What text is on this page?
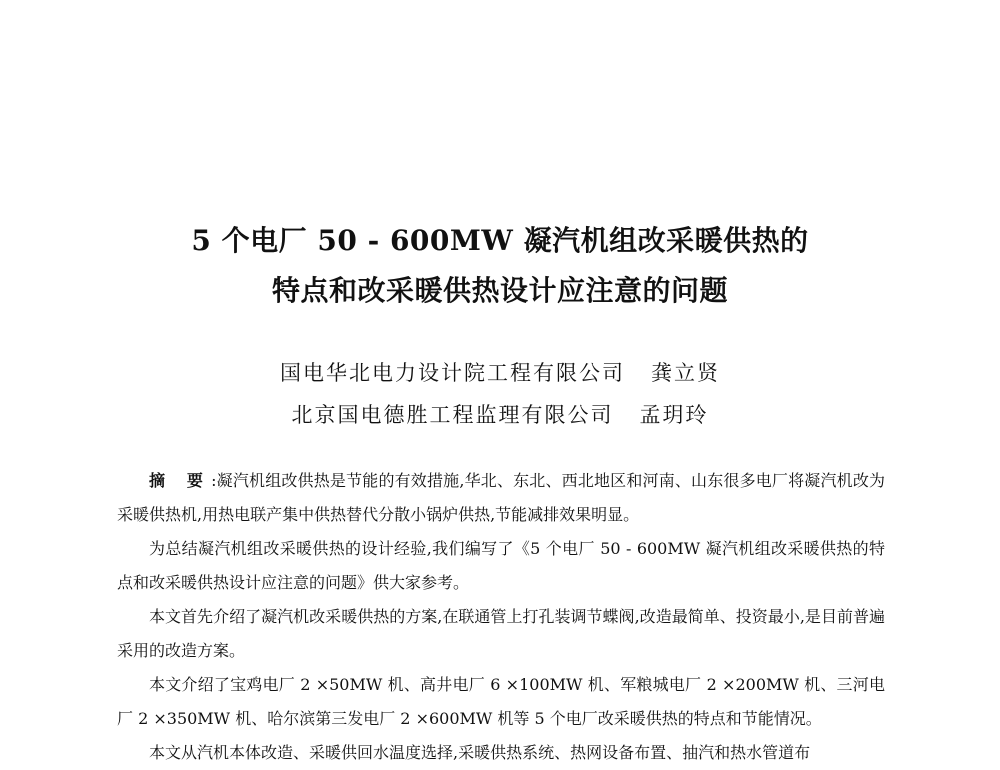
5 个电厂 50 - 600MW 凝汽机组改采暖供热的
特点和改采暖供热设计应注意的问题
国电华北电力设计院工程有限公司 龚立贤
北京国电德胜工程监理有限公司 孟玥玲

摘 要:凝汽机组改供热是节能的有效措施,华北、东北、西北地区和河南、山东很多电厂将凝汽机改为采暖供热机,用热电联产集中供热替代分散小锅炉供热,节能减排效果明显。

为总结凝汽机组改采暖供热的设计经验,我们编写了《5 个电厂 50 - 600MW 凝汽机组改采暖供热的特点和改采暖供热设计应注意的问题》供大家参考。

本文首先介绍了凝汽机改采暖供热的方案,在联通管上打孔装调节蝶阀,改造最简单、投资最小,是目前普遍采用的改造方案。

本文介绍了宝鸡电厂 2 ×50MW 机、高井电厂 6 ×100MW 机、军粮城电厂 2 ×200MW 机、三河电厂 2 ×350MW 机、哈尔滨第三发电厂 2 ×600MW 机等 5 个电厂改采暖供热的特点和节能情况。

本文从汽机本体改造、采暖供回水温度选择,采暖供热系统、热网设备布置、抽汽和热水管道布
